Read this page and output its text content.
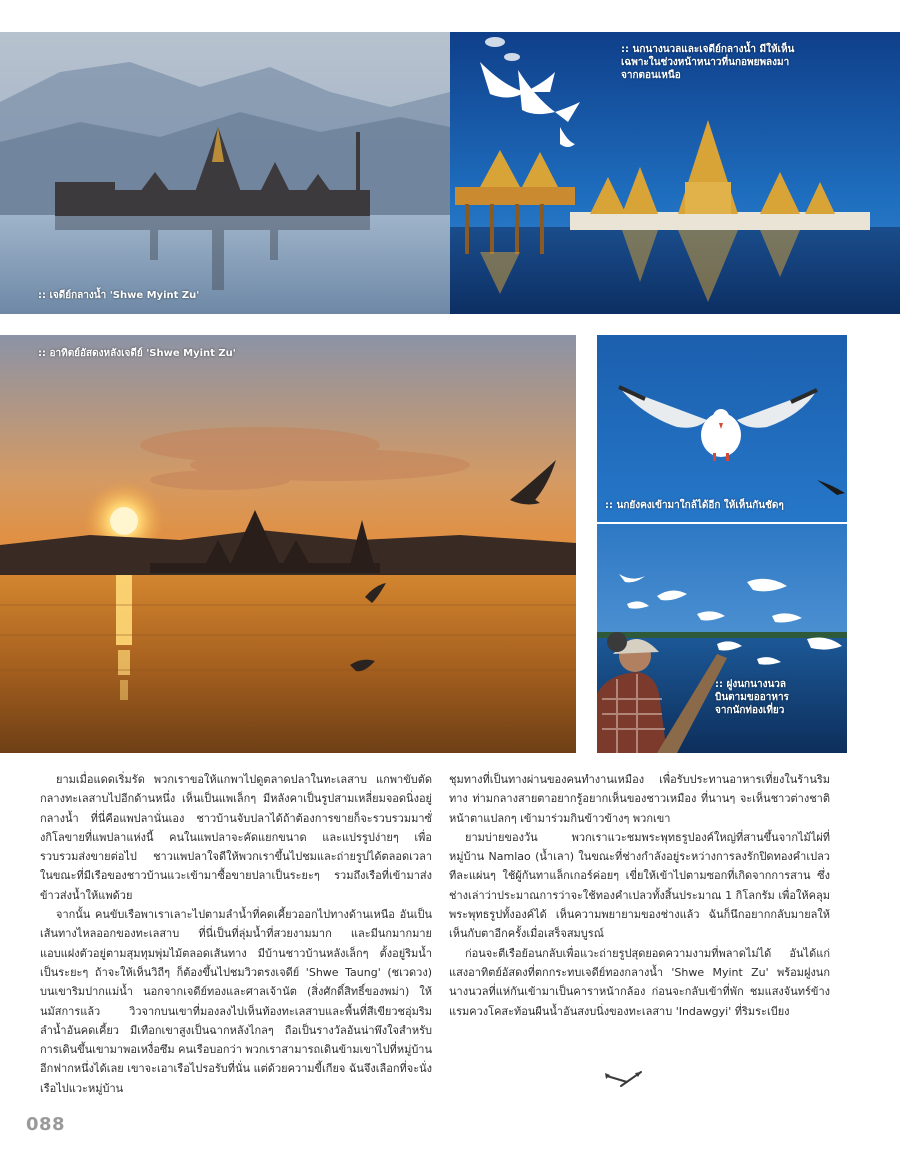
:: เจดีย์กลางน้ำ 'Shwe Myint Zu'
:: นกนางนวลและเจดีย์กลางน้ำ มีให้เห็น
เฉพาะในช่วงหน้าหนาวที่นกอพยพลงมา
จากตอนเหนือ
:: อาทิตย์อัสดงหลังเจดีย์ 'Shwe Myint Zu'
:: นกยังคงเข้ามาใกล้ได้อีก ให้เห็นกันชัดๆ
:: ฝูงนกนางนวล
บินตามขออาหาร
จากนักท่องเที่ยว

ยามเมื่อแดดเริ่มรัด พวกเราขอให้แกพาไปดูตลาดปลาในทะเลสาบ แกพาขับตัดกลางทะเลสาบไปอีกด้านหนึ่ง เห็นเป็นแพเล็กๆ มีหลังคาเป็นรูปสามเหลี่ยมจอดนิ่งอยู่กลางน้ำ ที่นี่คือแพปลานั่นเอง ชาวบ้านจับปลาได้ถ้าต้องการขายก็จะรวบรวมมาซั่งกิโลขายที่แพปลาแห่งนี้ คนในแพปลาจะคัดแยกขนาด และแปรรูปง่ายๆ เพื่อรวบรวมส่งขายต่อไป ชาวแพปลาใจดีให้พวกเราขึ้นไปชมและถ่ายรูปได้ตลอดเวลา ในขณะที่มีเรือของชาวบ้านแวะเข้ามาซื้อขายปลาเป็นระยะๆ รวมถึงเรือที่เข้ามาส่งข้าวส่งน้ำให้แพด้วย

จากนั้น คนขับเรือพาเราเลาะไปตามลำน้ำที่คดเคี้ยวออกไปทางด้านเหนือ อันเป็นเส้นทางไหลออกของทะเลสาบ ที่นี่เป็นที่ลุ่มน้ำที่สวยงามมาก และมีนกมากมายแอบแฝงตัวอยู่ตามสุมทุมพุ่มไม้ตลอดเส้นทาง มีบ้านชาวบ้านหลังเล็กๆ ตั้งอยู่ริมน้ำเป็นระยะๆ ถ้าจะให้เห็นวิถีๆ ก็ต้องขึ้นไปชมวิวตรงเจดีย์ 'Shwe Taung' (ชเวดวง) บนเขาริมปากแม่น้ำ นอกจากเจดีย์ทองและศาลเจ้านัต (สิ่งศักดิ์สิทธิ์ของพม่า) ให้นมัสการแล้ว วิวจากบนเขาที่มองลงไปเห็นท้องทะเลสาบและพื้นที่สีเขียวชอุ่มริมลำน้ำอันคดเคี้ยว มีเทือกเขาสูงเป็นฉากหลังไกลๆ ถือเป็นรางวัลอันน่าพึงใจสำหรับการเดินขึ้นเขามาพอเหงื่อซึม คนเรือบอกว่า พวกเราสามารถเดินข้ามเขาไปที่หมู่บ้านอีกฟากหนึ่งได้เลย เขาจะเอาเรือไปรอรับที่นั่น แต่ด้วยความขี้เกียจ ฉันจึงเลือกที่จะนั่งเรือไปแวะหมู่บ้าน

ชุมทางที่เป็นทางผ่านของคนทำงานเหมือง เพื่อรับประทานอาหารเที่ยงในร้านริมทาง ท่ามกลางสายตาอยากรู้อยากเห็นของชาวเหมือง ที่นานๆ จะเห็นชาวต่างชาติหน้าตาแปลกๆ เข้ามาร่วมกินข้าวข้างๆ พวกเขา

ยามบ่ายของวัน พวกเราแวะชมพระพุทธรูปองค์ใหญ่ที่สานขึ้นจากไม้ไผ่ที่หมู่บ้าน Namlao (น้ำเลา) ในขณะที่ช่างกำลังอยู่ระหว่างการลงรักปิดทองคำเปลวทีละแผ่นๆ ใช้ผู้กันทาแล็กเกอร์ค่อยๆ เขี่ยให้เข้าไปตามซอกที่เกิดจากการสาน ซึ่งช่างเล่าว่าประมาณการว่าจะใช้ทองคำเปลวทั้งสิ้นประมาณ 1 กิโลกรัม เพื่อให้คลุมพระพุทธรูปทั้งองค์ได้ เห็นความพยายามของช่างแล้ว ฉันก็นึกอยากกลับมายลให้เห็นกับตาอีกครั้งเมื่อเสร็จสมบูรณ์

ก่อนจะตีเรือย้อนกลับเพื่อแวะถ่ายรูปสุดยอดความงามที่พลาดไม่ได้ อันได้แก่แสงอาทิตย์อัสดงที่ตกกระทบเจดีย์ทองกลางน้ำ 'Shwe Myint Zu' พร้อมฝูงนกนางนวลที่แห่กันเข้ามาเป็นคาราหน้ากล้อง ก่อนจะกลับเข้าที่พัก ชมแสงจันทร์ข้างแรมควงโคสะท้อนผืนน้ำอันสงบนิ่งของทะเลสาบ 'Indawgyi' ที่ริมระเบียง

088
